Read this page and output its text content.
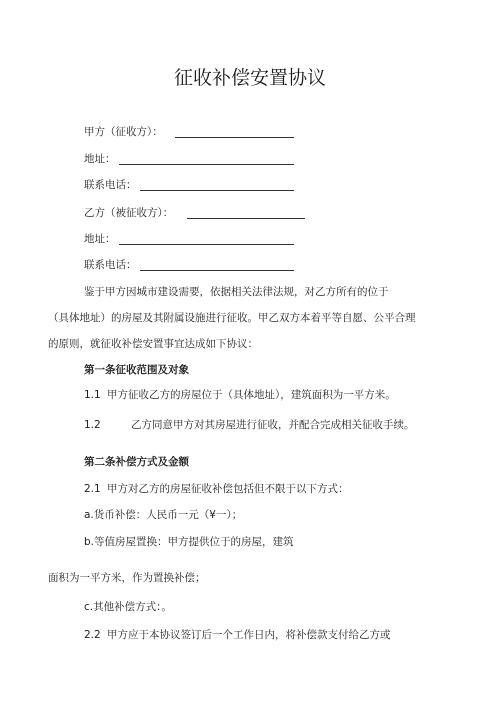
征收补偿安置协议
甲方（征收方）：
地址：
联系电话：
乙方（被征收方）：
地址：
联系电话：
鉴于甲方因城市建设需要，依据相关法律法规，对乙方所有的位于
（具体地址）的房屋及其附属设施进行征收。甲乙双方本着平等自愿、公平合理
的原则，就征收补偿安置事宜达成如下协议：
第一条征收范围及对象
1.1 甲方征收乙方的房屋位于（具体地址），建筑面积为一平方米。
1.2	乙方同意甲方对其房屋进行征收，并配合完成相关征收手续。
第二条补偿方式及金额
2.1 甲方对乙方的房屋征收补偿包括但不限于以下方式：
a.货币补偿：人民币一元（¥一）；
b.等值房屋置换：甲方提供位于的房屋，建筑
面积为一平方米，作为置换补偿；
c.其他补偿方式：。
2.2 甲方应于本协议签订后一个工作日内，将补偿款支付给乙方或
